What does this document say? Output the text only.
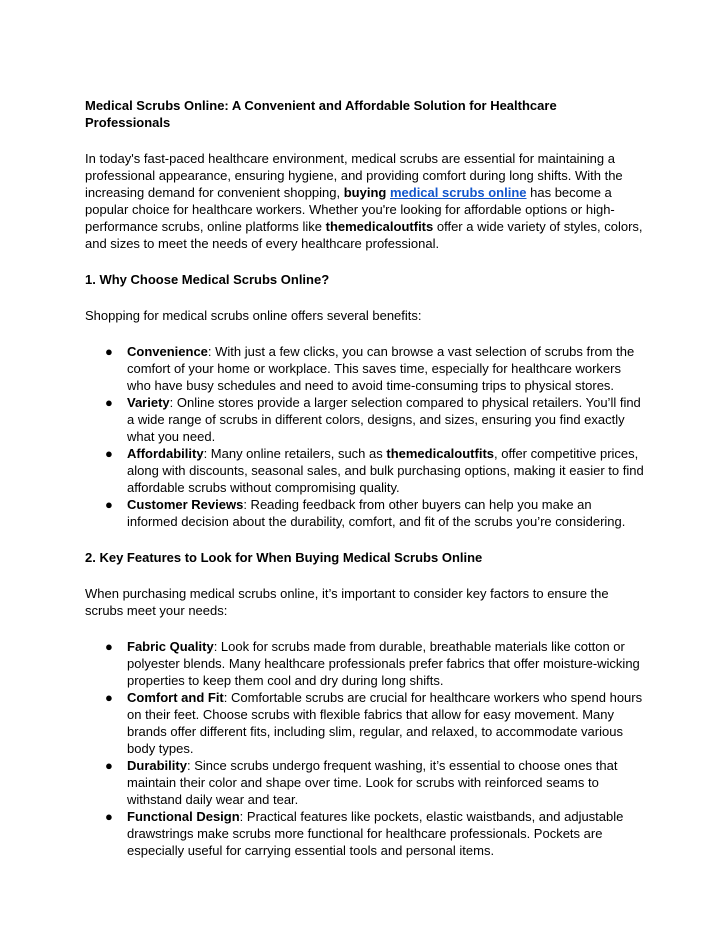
Medical Scrubs Online: A Convenient and Affordable Solution for Healthcare Professionals

In today's fast-paced healthcare environment, medical scrubs are essential for maintaining a professional appearance, ensuring hygiene, and providing comfort during long shifts. With the increasing demand for convenient shopping, buying medical scrubs online has become a popular choice for healthcare workers. Whether you're looking for affordable options or high-performance scrubs, online platforms like themedicaloutfits offer a wide variety of styles, colors, and sizes to meet the needs of every healthcare professional.

1. Why Choose Medical Scrubs Online?

Shopping for medical scrubs online offers several benefits:

● Convenience: With just a few clicks, you can browse a vast selection of scrubs from the comfort of your home or workplace. This saves time, especially for healthcare workers who have busy schedules and need to avoid time-consuming trips to physical stores.
● Variety: Online stores provide a larger selection compared to physical retailers. You’ll find a wide range of scrubs in different colors, designs, and sizes, ensuring you find exactly what you need.
● Affordability: Many online retailers, such as themedicaloutfits, offer competitive prices, along with discounts, seasonal sales, and bulk purchasing options, making it easier to find affordable scrubs without compromising quality.
● Customer Reviews: Reading feedback from other buyers can help you make an informed decision about the durability, comfort, and fit of the scrubs you’re considering.
2. Key Features to Look for When Buying Medical Scrubs Online

When purchasing medical scrubs online, it’s important to consider key factors to ensure the scrubs meet your needs:

● Fabric Quality: Look for scrubs made from durable, breathable materials like cotton or polyester blends. Many healthcare professionals prefer fabrics that offer moisture-wicking properties to keep them cool and dry during long shifts.
● Comfort and Fit: Comfortable scrubs are crucial for healthcare workers who spend hours on their feet. Choose scrubs with flexible fabrics that allow for easy movement. Many brands offer different fits, including slim, regular, and relaxed, to accommodate various body types.
● Durability: Since scrubs undergo frequent washing, it’s essential to choose ones that maintain their color and shape over time. Look for scrubs with reinforced seams to withstand daily wear and tear.
● Functional Design: Practical features like pockets, elastic waistbands, and adjustable drawstrings make scrubs more functional for healthcare professionals. Pockets are especially useful for carrying essential tools and personal items.
